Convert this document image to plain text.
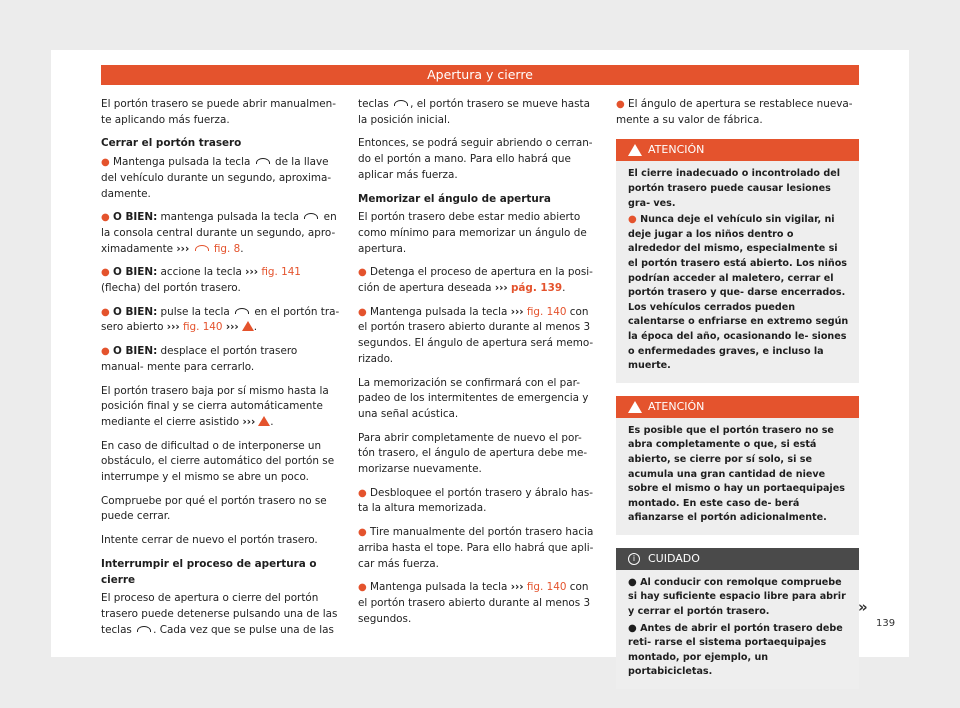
Apertura y cierre

El portón trasero se puede abrir manualmen- te aplicando más fuerza.

Cerrar el portón trasero

● Mantenga pulsada la tecla de la llave del vehículo durante un segundo, aproxima- damente.

● O BIEN: mantenga pulsada la tecla en la consola central durante un segundo, apro- ximadamente ››› fig. 8.

● O BIEN: accione la tecla ››› fig. 141 (flecha) del portón trasero.

● O BIEN: pulse la tecla en el portón tra- sero abierto ››› fig. 140 ››› .

● O BIEN: desplace el portón trasero manual- mente para cerrarlo.

El portón trasero baja por sí mismo hasta la posición final y se cierra automáticamente mediante el cierre asistido ››› .

En caso de dificultad o de interponerse un obstáculo, el cierre automático del portón se interrumpe y el mismo se abre un poco.

Compruebe por qué el portón trasero no se puede cerrar.

Intente cerrar de nuevo el portón trasero.

Interrumpir el proceso de apertura o cierre

El proceso de apertura o cierre del portón trasero puede detenerse pulsando una de las teclas . Cada vez que se pulse una de las

teclas , el portón trasero se mueve hasta la posición inicial.

Entonces, se podrá seguir abriendo o cerran- do el portón a mano. Para ello habrá que aplicar más fuerza.

Memorizar el ángulo de apertura

El portón trasero debe estar medio abierto como mínimo para memorizar un ángulo de apertura.

● Detenga el proceso de apertura en la posi- ción de apertura deseada ››› pág. 139.

● Mantenga pulsada la tecla ››› fig. 140 con el portón trasero abierto durante al menos 3 segundos. El ángulo de apertura será memo- rizado.

La memorización se confirmará con el par- padeo de los intermitentes de emergencia y una señal acústica.

Para abrir completamente de nuevo el por- tón trasero, el ángulo de apertura debe me- morizarse nuevamente.

● Desbloquee el portón trasero y ábralo has- ta la altura memorizada.

● Tire manualmente del portón trasero hacia arriba hasta el tope. Para ello habrá que apli- car más fuerza.

● Mantenga pulsada la tecla ››› fig. 140 con el portón trasero abierto durante al menos 3 segundos.

● El ángulo de apertura se restablece nueva- mente a su valor de fábrica.

ATENCIÓN

El cierre inadecuado o incontrolado del portón trasero puede causar lesiones gra- ves.

● Nunca deje el vehículo sin vigilar, ni deje jugar a los niños dentro o alrededor del mismo, especialmente si el portón trasero está abierto. Los niños podrían acceder al maletero, cerrar el portón trasero y que- darse encerrados. Los vehículos cerrados pueden calentarse o enfriarse en extremo según la época del año, ocasionando le- siones o enfermedades graves, e incluso la muerte.

ATENCIÓN

Es posible que el portón trasero no se abra completamente o que, si está abierto, se cierre por sí solo, si se acumula una gran cantidad de nieve sobre el mismo o hay un portaequipajes montado. En este caso de- berá afianzarse el portón adicionalmente.

i	CUIDADO

● Al conducir con remolque compruebe si hay suficiente espacio libre para abrir y cerrar el portón trasero.

● Antes de abrir el portón trasero debe reti- rarse el sistema portaequipajes montado, por ejemplo, un portabicicletas.

»
139
